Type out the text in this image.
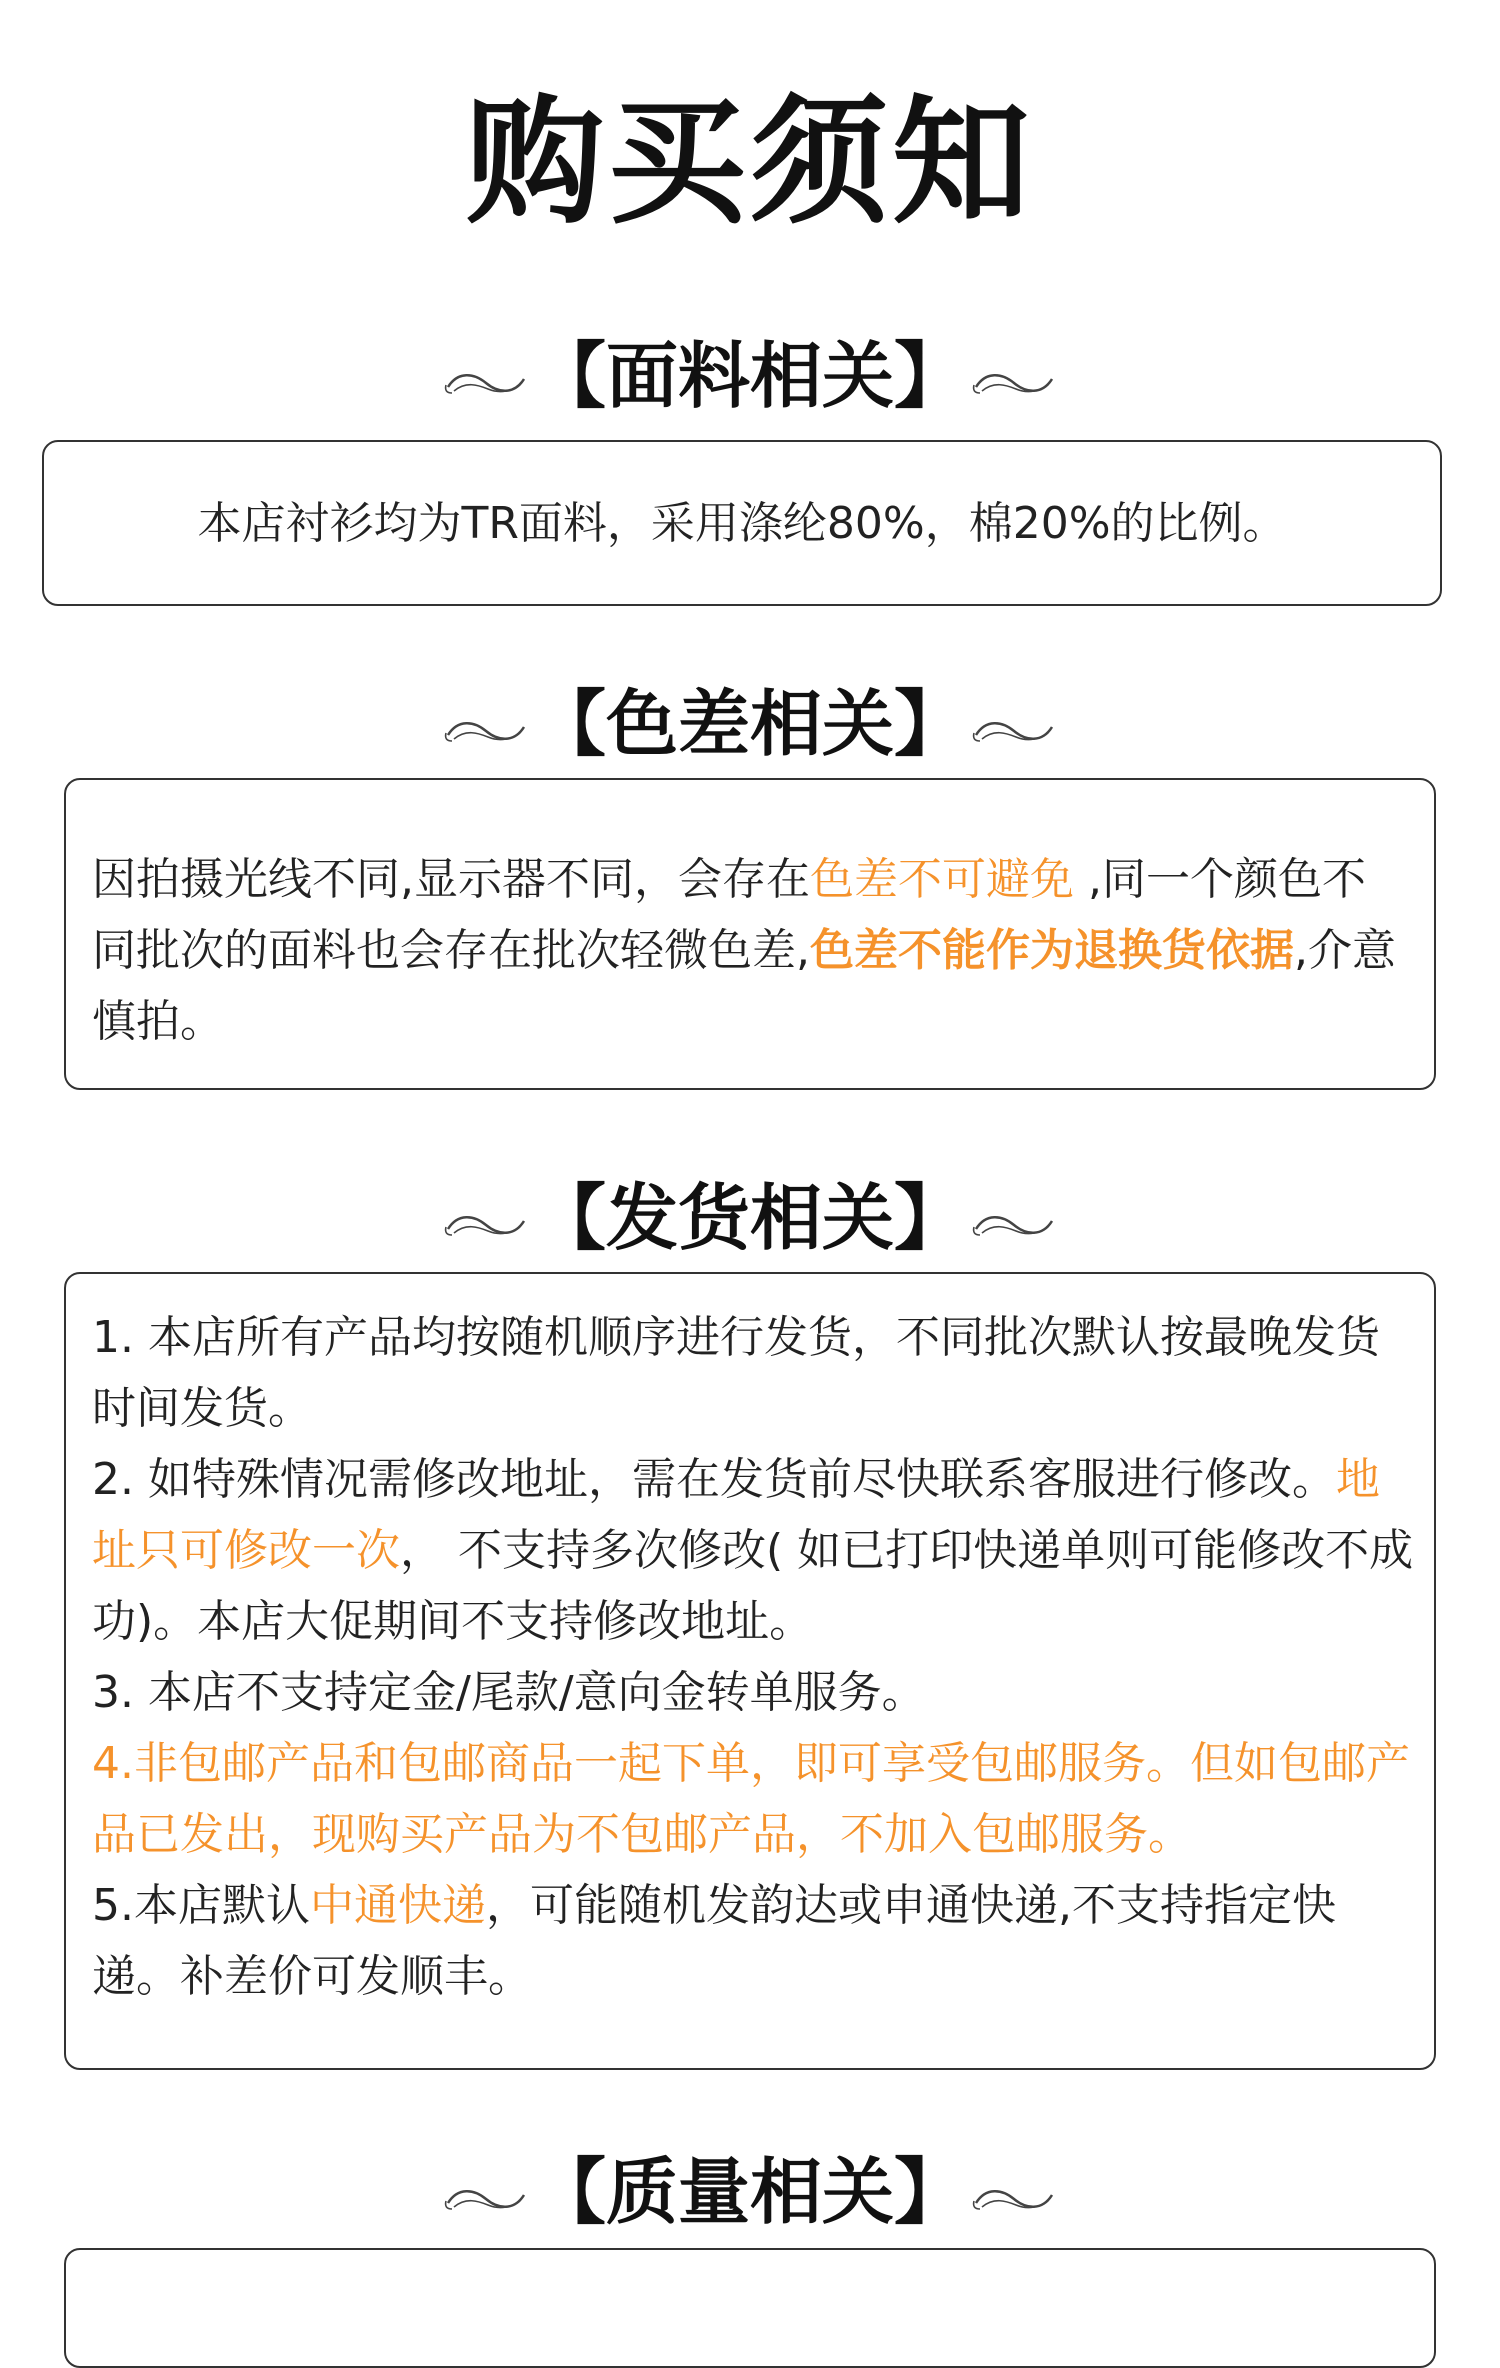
购买须知
【面料相关】

本店衬衫均为TR面料，采用涤纶80%，棉20%的比例。

【色差相关】

因拍摄光线不同,显示器不同，会存在色差不可避免 ,同一个颜色不同批次的面料也会存在批次轻微色差,色差不能作为退换货依据,介意慎拍。

【发货相关】

1. 本店所有产品均按随机顺序进行发货，不同批次默认按最晚发货时间发货。

2. 如特殊情况需修改地址，需在发货前尽快联系客服进行修改。地址只可修改一次， 不支持多次修改( 如已打印快递单则可能修改不成功)。本店大促期间不支持修改地址。

3. 本店不支持定金/尾款/意向金转单服务。

4.非包邮产品和包邮商品一起下单，即可享受包邮服务。但如包邮产品已发出，现购买产品为不包邮产品，不加入包邮服务。

5.本店默认中通快递，可能随机发韵达或申通快递,不支持指定快递。补差价可发顺丰。

【质量相关】
